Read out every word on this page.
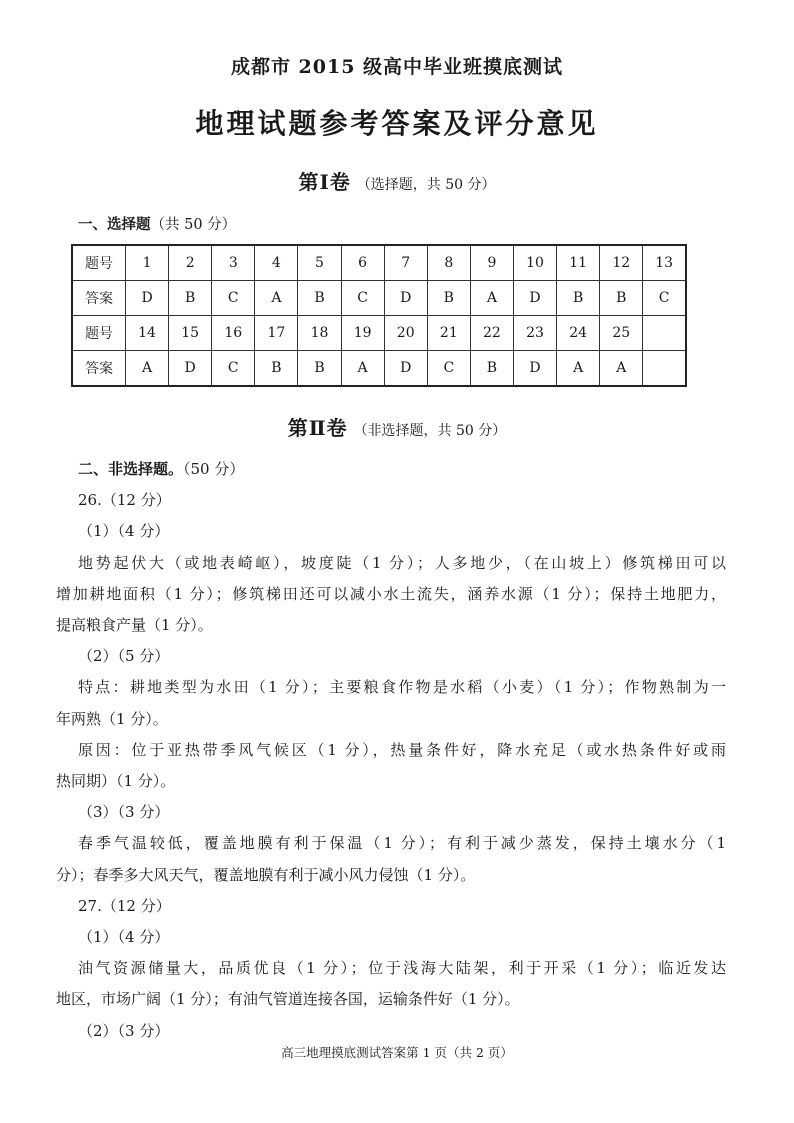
成都市 2015 级高中毕业班摸底测试
地理试题参考答案及评分意见
第Ⅰ卷 （选择题，共 50 分）
一、选择题（共 50 分）
题号	1	2	3	4	5	6	7	8	9	10	11	12	13
答案	D	B	C	A	B	C	D	B	A	D	B	B	C
题号	14	15	16	17	18	19	20	21	22	23	24	25	
答案	A	D	C	B	B	A	D	C	B	D	A	A	
第Ⅱ卷 （非选择题，共 50 分）
二、非选择题。（50 分）
26.（12 分）
（1）（4 分）
地势起伏大（或地表崎岖），坡度陡（1 分）；人多地少，（在山坡上）修筑梯田可以
增加耕地面积（1 分）；修筑梯田还可以减小水土流失，涵养水源（1 分）；保持土地肥力，
提高粮食产量（1 分）。
（2）（5 分）
特点：耕地类型为水田（1 分）；主要粮食作物是水稻（小麦）（1 分）；作物熟制为一
年两熟（1 分）。
原因：位于亚热带季风气候区（1 分），热量条件好，降水充足（或水热条件好或雨
热同期）（1 分）。
（3）（3 分）
春季气温较低，覆盖地膜有利于保温（1 分）；有利于减少蒸发，保持土壤水分（1
分）；春季多大风天气，覆盖地膜有利于减小风力侵蚀（1 分）。
27.（12 分）
（1）（4 分）
油气资源储量大，品质优良（1 分）；位于浅海大陆架，利于开采（1 分）；临近发达
地区，市场广阔（1 分）；有油气管道连接各国，运输条件好（1 分）。
（2）（3 分）
高三地理摸底测试答案第 1 页（共 2 页）
